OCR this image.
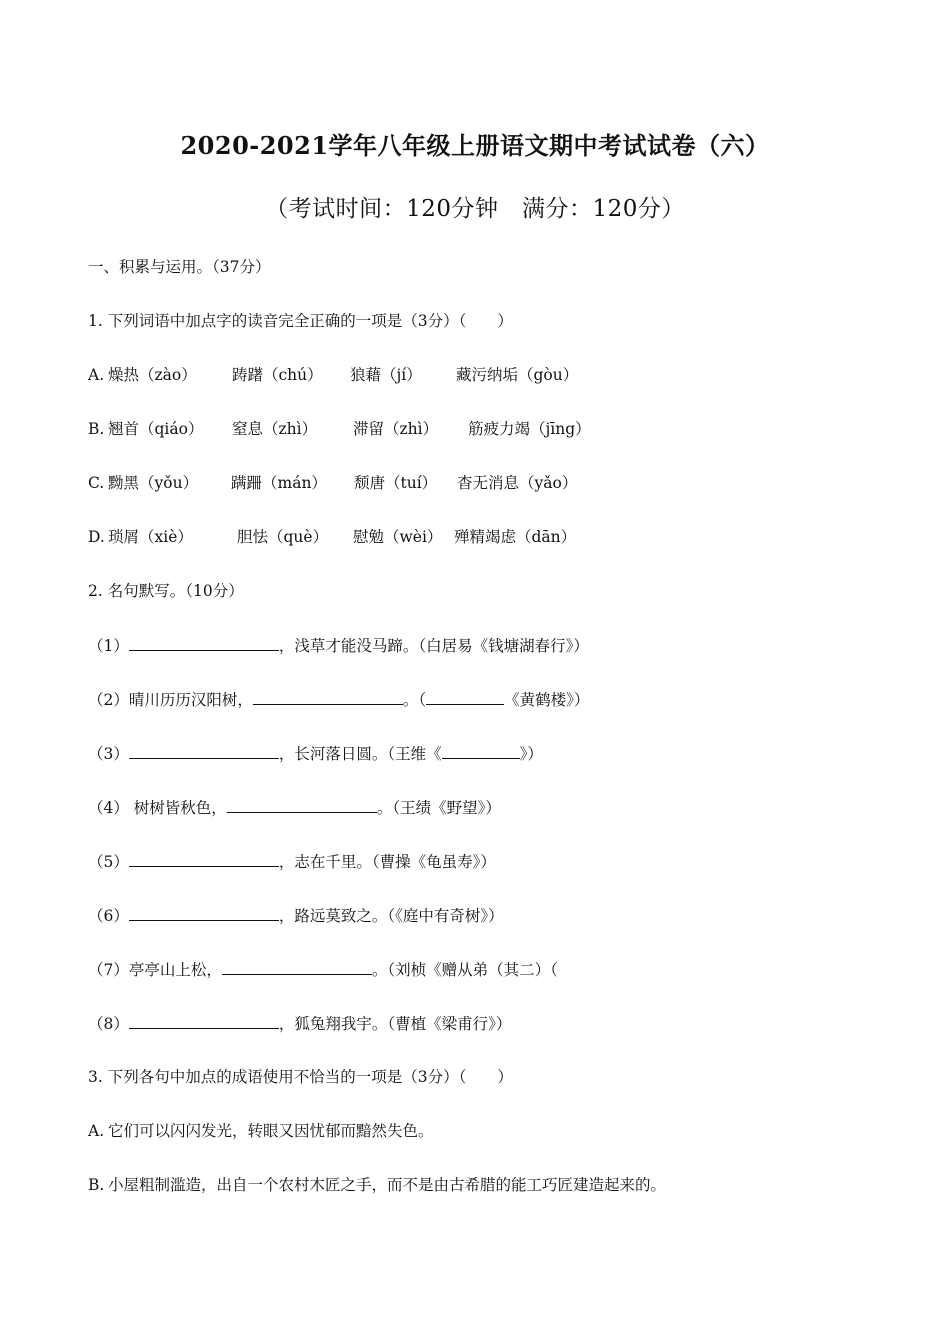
2020-2021学年八年级上册语文期中考试试卷（六）
（考试时间：120分钟　满分：120分）
一、积累与运用。（37分）
1. 下列词语中加点字的读音完全正确的一项是（3分）（　　）
A. 燥热（zào） 踌躇（chú） 狼藉（jí） 藏污纳垢（gòu）
B. 翘首（qiáo） 窒息（zhì） 滞留（zhì） 筋疲力竭（jīng）
C. 黝黑（yǒu） 蹒跚（mán） 颓唐（tuí） 杳无消息（yǎo）
D. 琐屑（xiè）	胆怯（què） 慰勉（wèi） 殚精竭虑（dān）
2. 名句默写。（10分）
（1）	，浅草才能没马蹄。（白居易《钱塘湖春行》）
（2）晴川历历汉阳树，	。（	《黄鹤楼》）
（3）	，长河落日圆。（王维《	》）
（4） 树树皆秋色，	。（王绩《野望》）
（5）	，志在千里。（曹操《龟虽寿》）
（6）	，路远莫致之。（《庭中有奇树》）
（7）亭亭山上松，	。（刘桢《赠从弟（其二）（
（8）	，狐兔翔我宇。（曹植《梁甫行》）
3. 下列各句中加点的成语使用不恰当的一项是（3分）（　　）
A. 它们可以闪闪发光，转眼又因忧郁而黯然失色。
B. 小屋粗制滥造，出自一个农村木匠之手，而不是由古希腊的能工巧匠建造起来的。
